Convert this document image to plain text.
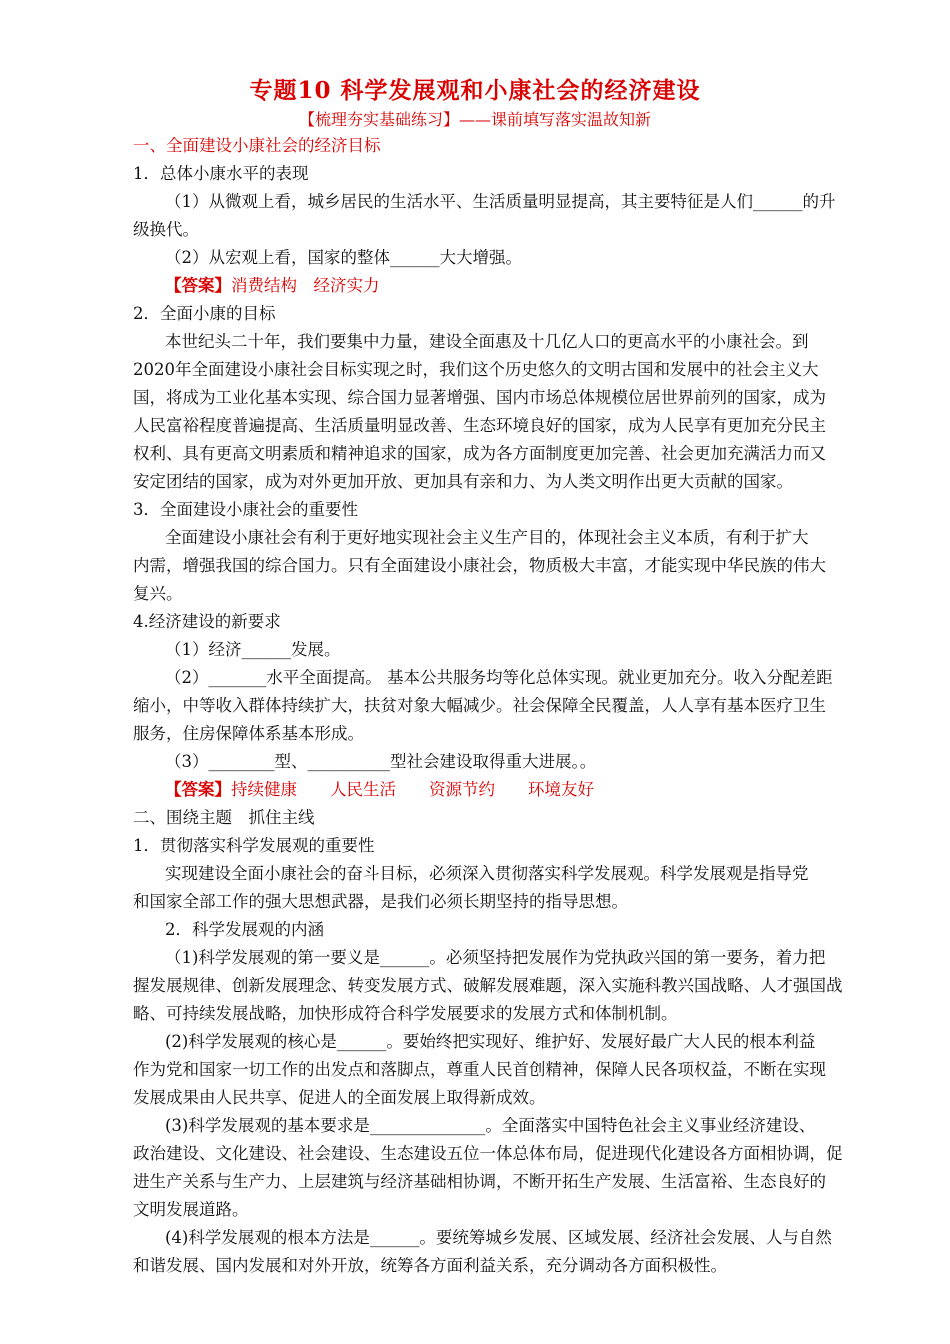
专题10 科学发展观和小康社会的经济建设
【梳理夯实基础练习】——课前填写落实温故知新
一、全面建设小康社会的经济目标
1．总体小康水平的表现
（1）从微观上看，城乡居民的生活水平、生活质量明显提高，其主要特征是人们______的升
级换代。
（2）从宏观上看，国家的整体______大大增强。
【答案】消费结构　经济实力
2．全面小康的目标
本世纪头二十年，我们要集中力量，建设全面惠及十几亿人口的更高水平的小康社会。到
2020年全面建设小康社会目标实现之时，我们这个历史悠久的文明古国和发展中的社会主义大
国，将成为工业化基本实现、综合国力显著增强、国内市场总体规模位居世界前列的国家，成为
人民富裕程度普遍提高、生活质量明显改善、生态环境良好的国家，成为人民享有更加充分民主
权利、具有更高文明素质和精神追求的国家，成为各方面制度更加完善、社会更加充满活力而又
安定团结的国家，成为对外更加开放、更加具有亲和力、为人类文明作出更大贡献的国家。
3．全面建设小康社会的重要性
全面建设小康社会有利于更好地实现社会主义生产目的，体现社会主义本质，有利于扩大
内需，增强我国的综合国力。只有全面建设小康社会，物质极大丰富，才能实现中华民族的伟大
复兴。
4.经济建设的新要求
（1）经济______发展。
（2）_______水平全面提高。 基本公共服务均等化总体实现。就业更加充分。收入分配差距
缩小，中等收入群体持续扩大，扶贫对象大幅减少。社会保障全民覆盖，人人享有基本医疗卫生
服务，住房保障体系基本形成。
（3）________型、__________型社会建设取得重大进展。。
【答案】持续健康　　人民生活　　资源节约　　环境友好
二、围绕主题　抓住主线
1．贯彻落实科学发展观的重要性
实现建设全面小康社会的奋斗目标，必须深入贯彻落实科学发展观。科学发展观是指导党
和国家全部工作的强大思想武器，是我们必须长期坚持的指导思想。
2．科学发展观的内涵
（1)科学发展观的第一要义是______。必须坚持把发展作为党执政兴国的第一要务，着力把
握发展规律、创新发展理念、转变发展方式、破解发展难题，深入实施科教兴国战略、人才强国战
略、可持续发展战略，加快形成符合科学发展要求的发展方式和体制机制。
(2)科学发展观的核心是______。要始终把实现好、维护好、发展好最广大人民的根本利益
作为党和国家一切工作的出发点和落脚点，尊重人民首创精神，保障人民各项权益，不断在实现
发展成果由人民共享、促进人的全面发展上取得新成效。
(3)科学发展观的基本要求是______________。全面落实中国特色社会主义事业经济建设、
政治建设、文化建设、社会建设、生态建设五位一体总体布局，促进现代化建设各方面相协调，促
进生产关系与生产力、上层建筑与经济基础相协调，不断开拓生产发展、生活富裕、生态良好的
文明发展道路。
(4)科学发展观的根本方法是______。要统筹城乡发展、区域发展、经济社会发展、人与自然
和谐发展、国内发展和对外开放，统筹各方面利益关系，充分调动各方面积极性。
